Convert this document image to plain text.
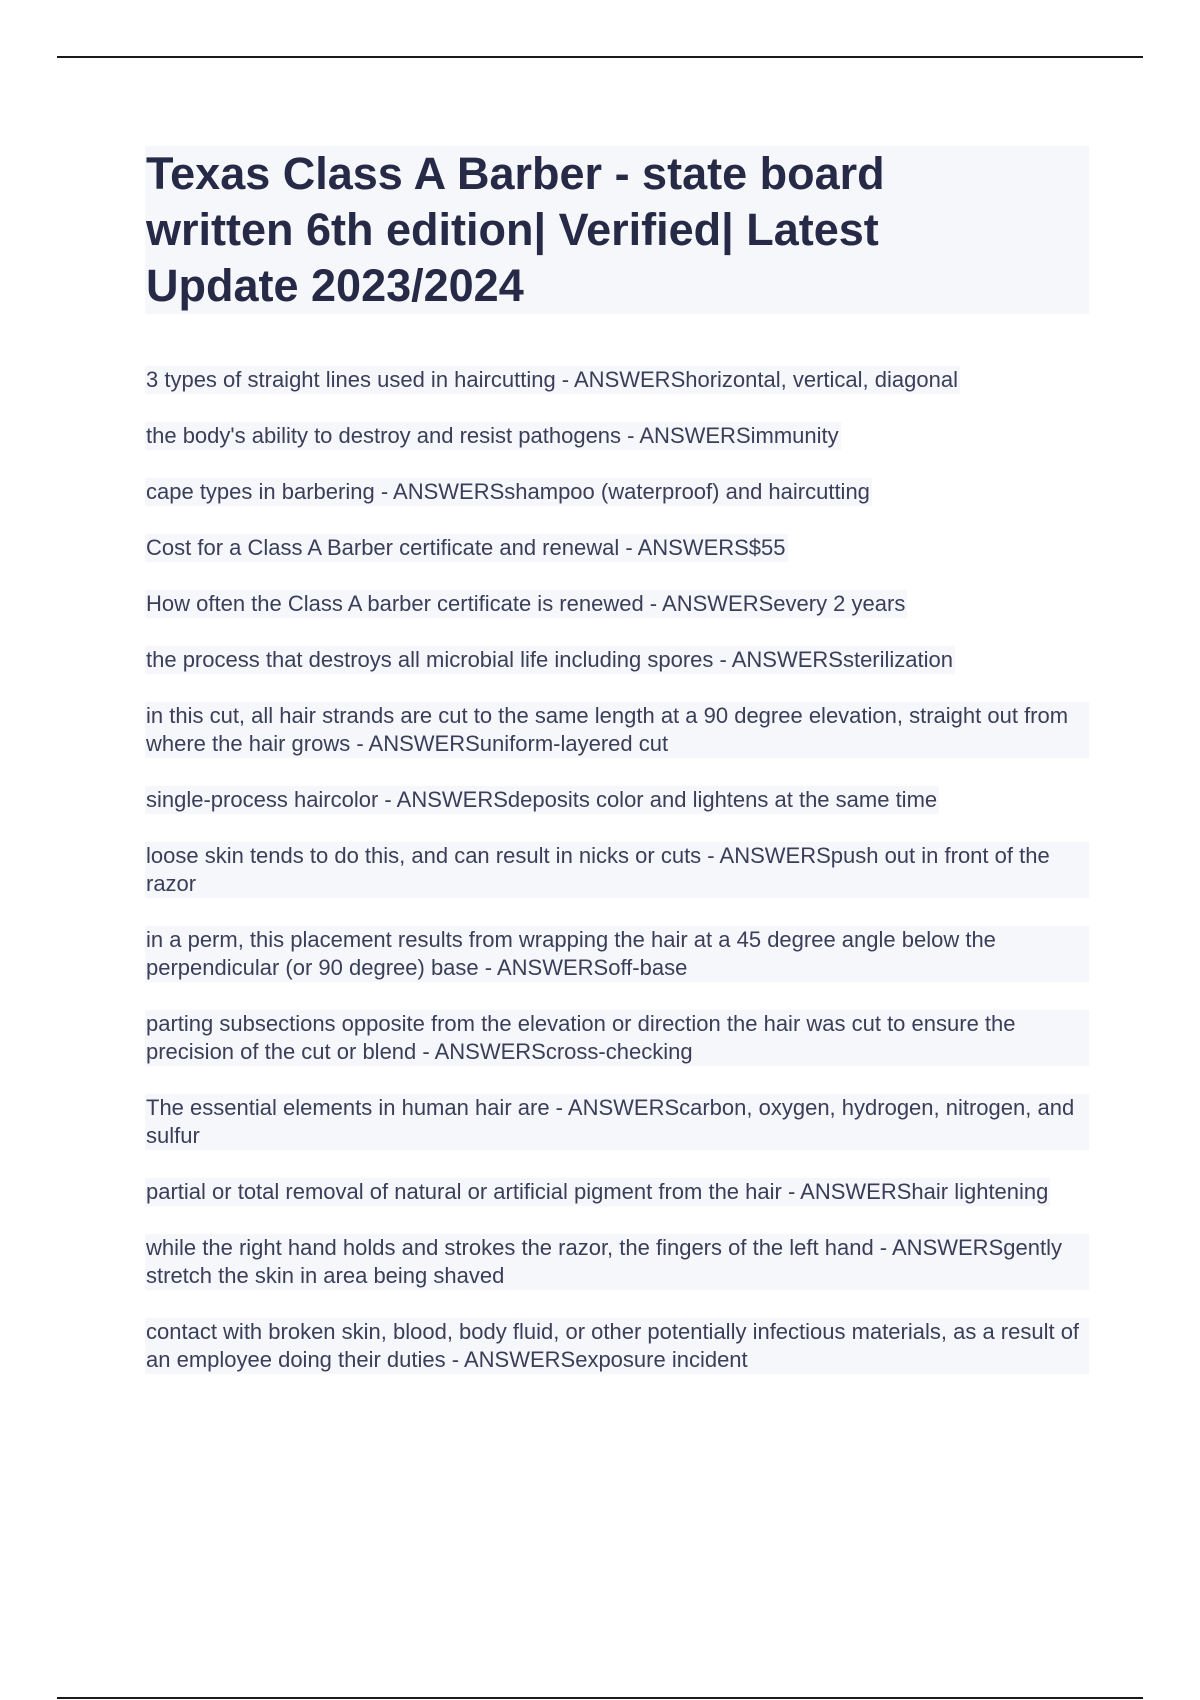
Texas Class A Barber - state board written 6th edition| Verified| Latest Update 2023/2024
3 types of straight lines used in haircutting - ANSWERShorizontal, vertical, diagonal
the body's ability to destroy and resist pathogens - ANSWERSimmunity
cape types in barbering - ANSWERSshampoo (waterproof) and haircutting
Cost for a Class A Barber certificate and renewal - ANSWERS$55
How often the Class A barber certificate is renewed - ANSWERSevery 2 years
the process that destroys all microbial life including spores - ANSWERSsterilization
in this cut, all hair strands are cut to the same length at a 90 degree elevation, straight out from where the hair grows - ANSWERSuniform-layered cut
single-process haircolor - ANSWERSdeposits color and lightens at the same time
loose skin tends to do this, and can result in nicks or cuts - ANSWERSpush out in front of the razor
in a perm, this placement results from wrapping the hair at a 45 degree angle below the perpendicular (or 90 degree) base - ANSWERSoff-base
parting subsections opposite from the elevation or direction the hair was cut to ensure the precision of the cut or blend - ANSWERScross-checking
The essential elements in human hair are - ANSWERScarbon, oxygen, hydrogen, nitrogen, and sulfur
partial or total removal of natural or artificial pigment from the hair - ANSWERShair lightening
while the right hand holds and strokes the razor, the fingers of the left hand - ANSWERSgently stretch the skin in area being shaved
contact with broken skin, blood, body fluid, or other potentially infectious materials, as a result of an employee doing their duties - ANSWERSexposure incident
